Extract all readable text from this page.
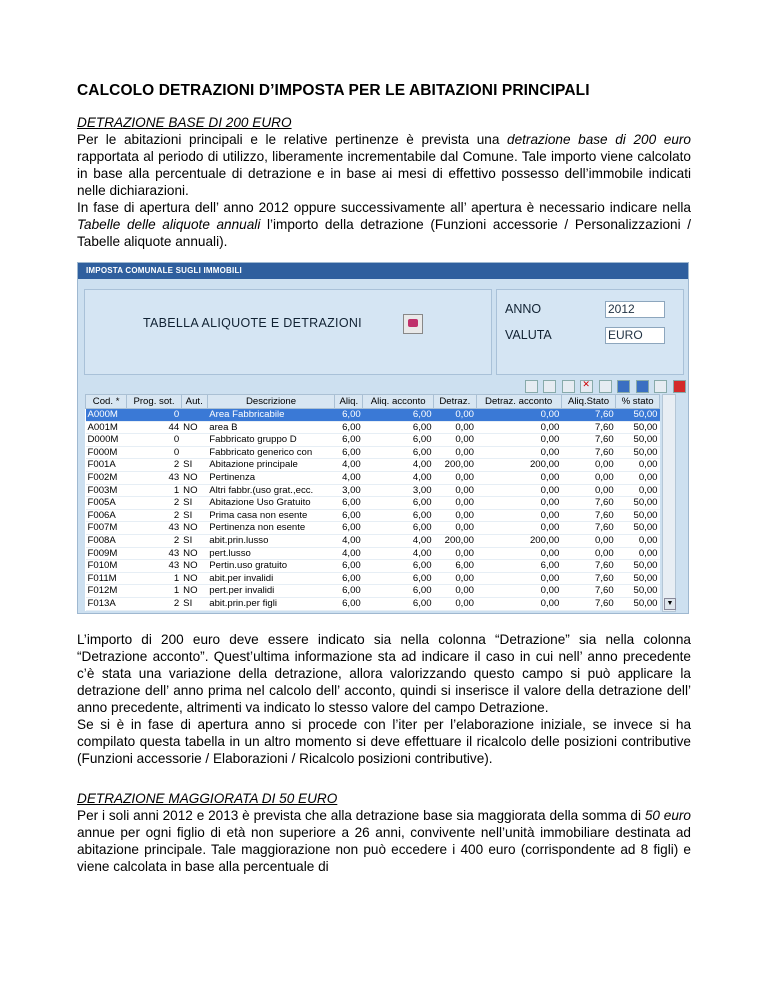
CALCOLO DETRAZIONI D’IMPOSTA PER LE ABITAZIONI PRINCIPALI
DETRAZIONE BASE DI 200 EURO

Per le abitazioni principali e le relative pertinenze è prevista una detrazione base di 200 euro rapportata al periodo di utilizzo, liberamente incrementabile dal Comune. Tale importo viene calcolato in base alla percentuale di detrazione e in base ai mesi di effettivo possesso dell’immobile indicati nelle dichiarazioni.

In fase di apertura dell’ anno 2012 oppure successivamente all’ apertura è necessario indicare nella Tabelle delle aliquote annuali l’importo della detrazione (Funzioni accessorie / Personalizzazioni / Tabelle aliquote annuali).

IMPOSTA COMUNALE SUGLI IMMOBILI
TABELLA ALIQUOTE E DETRAZIONI
ANNO	2012
VALUTA	EURO
✕
Cod. *	Prog. sot.	Aut.	Descrizione	Aliq.	Aliq. acconto	Detraz.	Detraz. acconto	Aliq.Stato	% stato
A000M	0		Area Fabbricabile	6,00	6,00	0,00	0,00	7,60	50,00
A001M	44	NO	area B	6,00	6,00	0,00	0,00	7,60	50,00
D000M	0		Fabbricato gruppo D	6,00	6,00	0,00	0,00	7,60	50,00
F000M	0		Fabbricato generico con	6,00	6,00	0,00	0,00	7,60	50,00
F001A	2	SI	Abitazione principale	4,00	4,00	200,00	200,00	0,00	0,00
F002M	43	NO	Pertinenza	4,00	4,00	0,00	0,00	0,00	0,00
F003M	1	NO	Altri fabbr.(uso grat.,ecc.	3,00	3,00	0,00	0,00	0,00	0,00
F005A	2	SI	Abitazione Uso Gratuito	6,00	6,00	0,00	0,00	7,60	50,00
F006A	2	SI	Prima casa non esente	6,00	6,00	0,00	0,00	7,60	50,00
F007M	43	NO	Pertinenza non esente	6,00	6,00	0,00	0,00	7,60	50,00
F008A	2	SI	abit.prin.lusso	4,00	4,00	200,00	200,00	0,00	0,00
F009M	43	NO	pert.lusso	4,00	4,00	0,00	0,00	0,00	0,00
F010M	43	NO	Pertin.uso gratuito	6,00	6,00	6,00	6,00	7,60	50,00
F011M	1	NO	abit.per invalidi	6,00	6,00	0,00	0,00	7,60	50,00
F012M	1	NO	pert.per invalidi	6,00	6,00	0,00	0,00	7,60	50,00
F013A	2	SI	abit.prin.per figli	6,00	6,00	0,00	0,00	7,60	50,00	▼

L’importo di 200 euro deve essere indicato sia nella colonna “Detrazione” sia nella colonna “Detrazione acconto”. Quest’ultima informazione sta ad indicare il caso in cui nell’ anno precedente c’è stata una variazione della detrazione, allora valorizzando questo campo si può applicare la detrazione dell’ anno prima nel calcolo dell’ acconto, quindi si inserisce il valore della detrazione dell’ anno precedente, altrimenti va indicato lo stesso valore del campo Detrazione.

Se si è in fase di apertura anno si procede con l’iter per l’elaborazione iniziale, se invece si ha compilato questa tabella in un altro momento si deve effettuare il ricalcolo delle posizioni contributive (Funzioni accessorie / Elaborazioni / Ricalcolo posizioni contributive).

DETRAZIONE MAGGIORATA DI 50 EURO

Per i soli anni 2012 e 2013 è prevista che alla detrazione base sia maggiorata della somma di 50 euro annue per ogni figlio di età non superiore a 26 anni, convivente nell’unità immobiliare destinata ad abitazione principale. Tale maggiorazione non può eccedere i 400 euro (corrispondente ad 8 figli) e viene calcolata in base alla percentuale di
